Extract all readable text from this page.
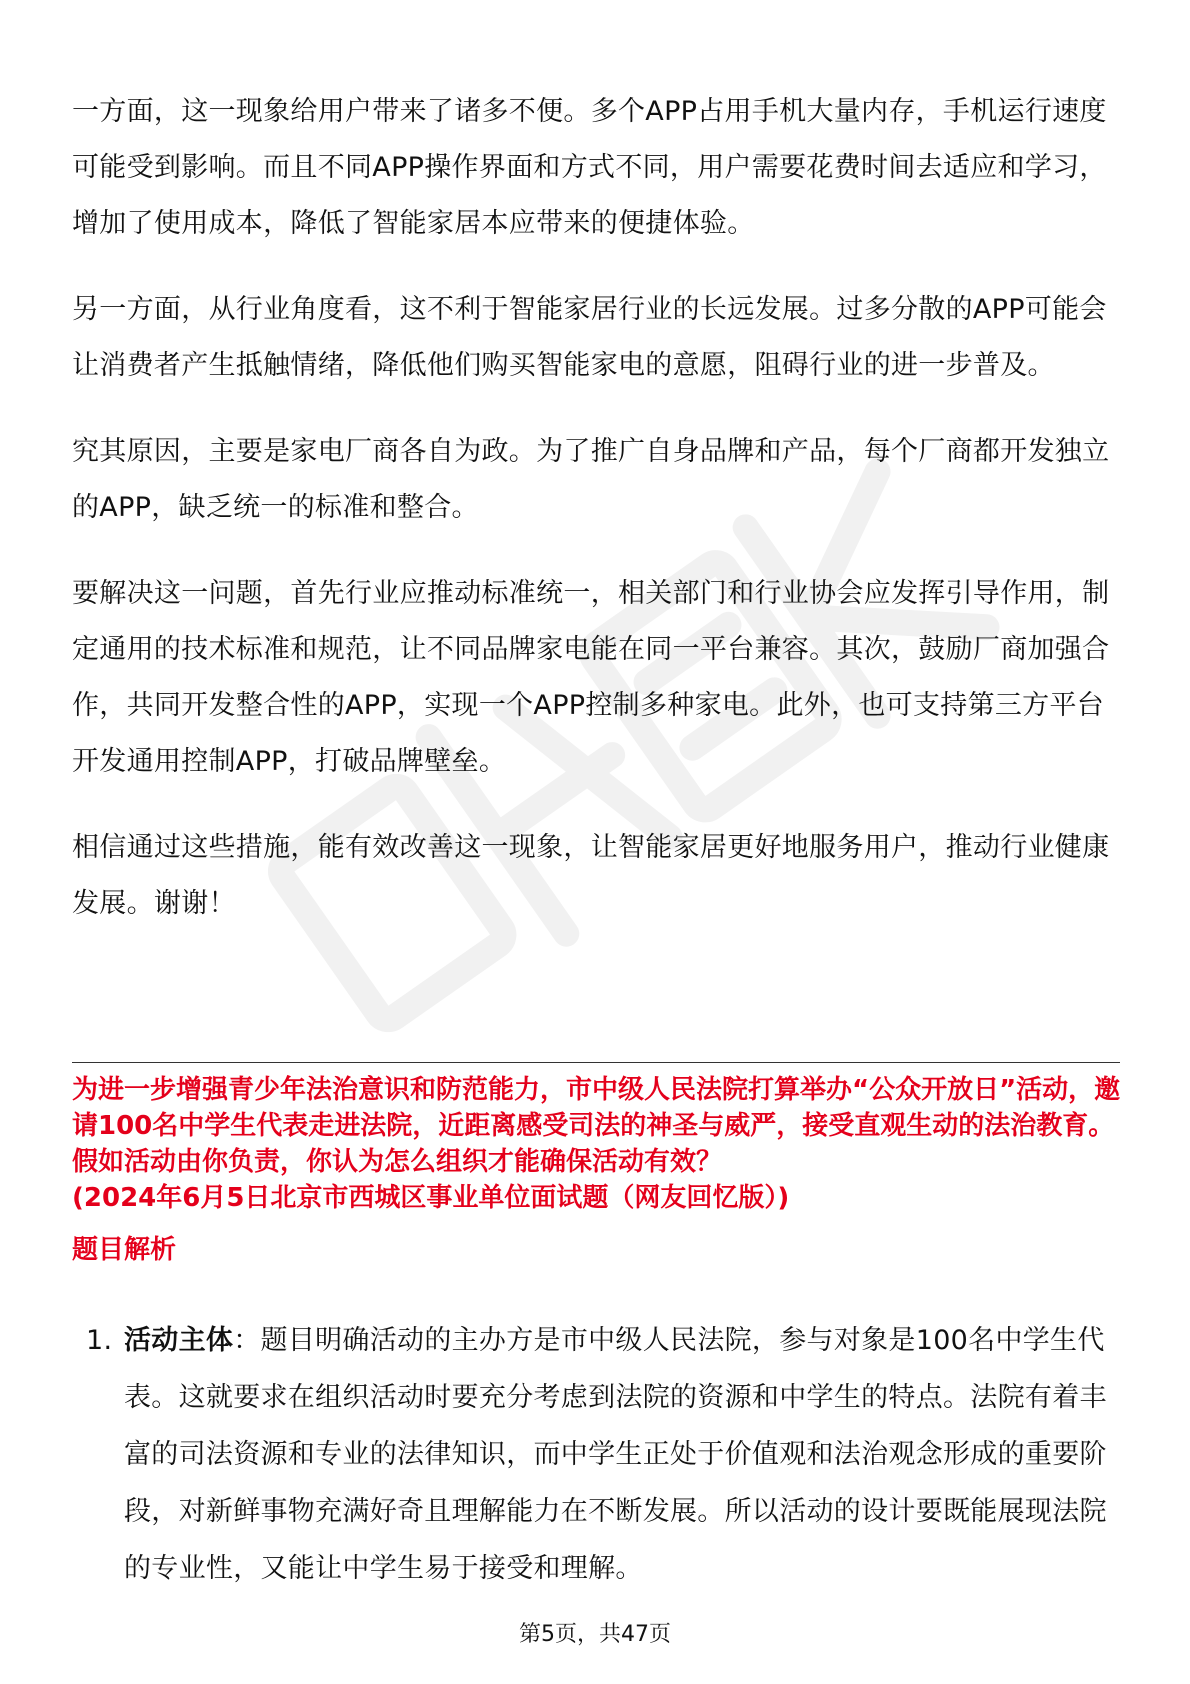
一方面，这一现象给用户带来了诸多不便。多个APP占用手机大量内存，手机运行速度可能受到影响。而且不同APP操作界面和方式不同，用户需要花费时间去适应和学习，增加了使用成本，降低了智能家居本应带来的便捷体验。

另一方面，从行业角度看，这不利于智能家居行业的长远发展。过多分散的APP可能会让消费者产生抵触情绪，降低他们购买智能家电的意愿，阻碍行业的进一步普及。

究其原因，主要是家电厂商各自为政。为了推广自身品牌和产品，每个厂商都开发独立的APP，缺乏统一的标准和整合。

要解决这一问题，首先行业应推动标准统一，相关部门和行业协会应发挥引导作用，制定通用的技术标准和规范，让不同品牌家电能在同一平台兼容。其次，鼓励厂商加强合作，共同开发整合性的APP，实现一个APP控制多种家电。此外，也可支持第三方平台开发通用控制APP，打破品牌壁垒。

相信通过这些措施，能有效改善这一现象，让智能家居更好地服务用户，推动行业健康发展。谢谢！

为进一步增强青少年法治意识和防范能力，市中级人民法院打算举办“公众开放日”活动，邀请100名中学生代表走进法院，近距离感受司法的神圣与威严，接受直观生动的法治教育。假如活动由你负责，你认为怎么组织才能确保活动有效？
(2024年6月5日北京市西城区事业单位面试题（网友回忆版）)
题目解析
1. 活动主体：题目明确活动的主办方是市中级人民法院，参与对象是100名中学生代表。这就要求在组织活动时要充分考虑到法院的资源和中学生的特点。法院有着丰富的司法资源和专业的法律知识，而中学生正处于价值观和法治观念形成的重要阶段，对新鲜事物充满好奇且理解能力在不断发展。所以活动的设计要既能展现法院的专业性，又能让中学生易于接受和理解。
第5页，共47页
